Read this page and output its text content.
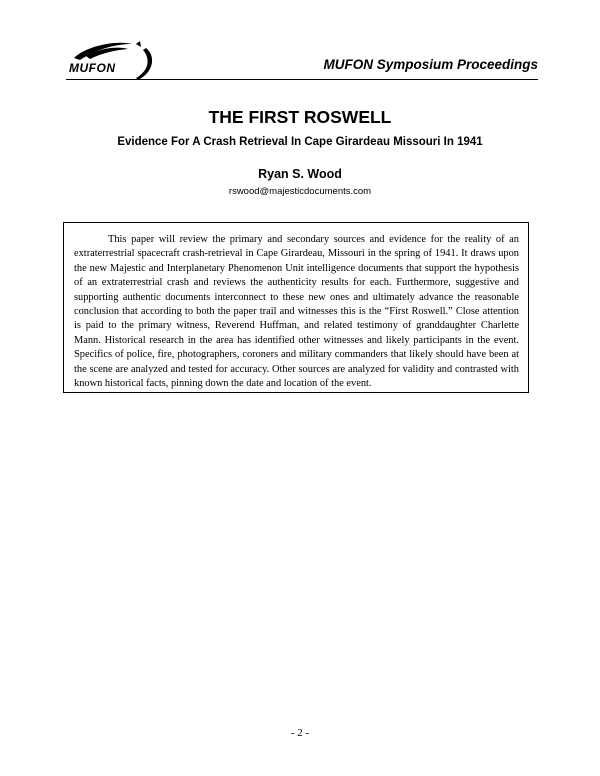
MUFON	MUFON Symposium Proceedings
THE FIRST ROSWELL
Evidence For A Crash Retrieval In Cape Girardeau Missouri In 1941
Ryan S. Wood
rswood@majesticdocuments.com

This paper will review the primary and secondary sources and evidence for the reality of an extraterrestrial spacecraft crash-retrieval in Cape Girardeau, Missouri in the spring of 1941. It draws upon the new Majestic and Interplanetary Phenomenon Unit intelligence documents that support the hypothesis of an extraterrestrial crash and reviews the authenticity results for each. Furthermore, suggestive and supporting authentic documents interconnect to these new ones and ultimately advance the reasonable conclusion that according to both the paper trail and witnesses this is the “First Roswell.” Close attention is paid to the primary witness, Reverend Huffman, and related testimony of granddaughter Charlette Mann. Historical research in the area has identified other witnesses and likely participants in the event. Specifics of police, fire, photographers, coroners and military commanders that likely should have been at the scene are analyzed and tested for accuracy. Other sources are analyzed for validity and contrasted with known historical facts, pinning down the date and location of the event.

- 2 -
